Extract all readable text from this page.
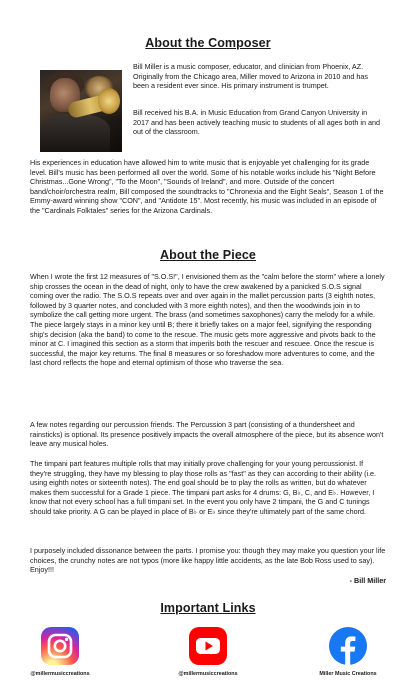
About the Composer

Bill Miller is a music composer, educator, and clinician from Phoenix, AZ. Originally from the Chicago area, Miller moved to Arizona in 2010 and has been a resident ever since. His primary instrument is trumpet.

Bill received his B.A. in Music Education from Grand Canyon University in 2017 and has been actively teaching music to students of all ages both in and out of the classroom.

His experiences in education have allowed him to write music that is enjoyable yet challenging for its grade level. Bill's music has been performed all over the world. Some of his notable works include his "Night Before Christmas...Gone Wrong", "To the Moon", "Sounds of Ireland", and more. Outside of the concert band/choir/orchestra realm, Bill composed the soundtracks to "Chronexia and the Eight Seals", Season 1 of the Emmy-award winning show "CON", and "Antidote 15". Most recently, his music was included in an episode of the "Cardinals Folktales" series for the Arizona Cardinals.

About the Piece

When I wrote the first 12 measures of "S.O.S!", I envisioned them as the "calm before the storm" where a lonely ship crosses the ocean in the dead of night, only to have the crew awakened by a panicked S.O.S signal coming over the radio. The S.O.S repeats over and over again in the mallet percussion parts (3 eighth notes, followed by 3 quarter notes, and concluded with 3 more eighth notes), and then the woodwinds join in to symbolize the call getting more urgent. The brass (and sometimes saxophones) carry the melody for a while. The piece largely stays in a minor key until B; there it briefly takes on a major feel, signifying the responding ship's decision (aka the band) to come to the rescue. The music gets more aggressive and pivots back to the minor at C. I imagined this section as a storm that imperils both the rescuer and rescuee. Once the rescue is successful, the major key returns. The final 8 measures or so foreshadow more adventures to come, and the last chord reflects the hope and eternal optimism of those who traverse the sea.

A few notes regarding our percussion friends. The Percussion 3 part (consisting of a thundersheet and rainsticks) is optional. Its presence positively impacts the overall atmosphere of the piece, but its absence won't leave any musical holes.

The timpani part features multiple rolls that may initially prove challenging for your young percussionist. If they're struggling, they have my blessing to play those rolls as "fast" as they can according to their ability (i.e. using eighth notes or sixteenth notes). The end goal should be to play the rolls as written, but do whatever makes them successful for a Grade 1 piece. The timpani part asks for 4 drums: G, B♭, C, and E♭. However, I know that not every school has a full timpani set. In the event you only have 2 timpani, the G and C tunings should take priority. A G can be played in place of B♭ or E♭ since they're ultimately part of the same chord.

I purposely included dissonance between the parts. I promise you: though they may make you question your life choices, the crunchy notes are not typos (more like happy little accidents, as the late Bob Ross used to say). Enjoy!!!

- Bill Miller
Important Links
@millermusiccreations	@millermusiccreations	Miller Music Creations
